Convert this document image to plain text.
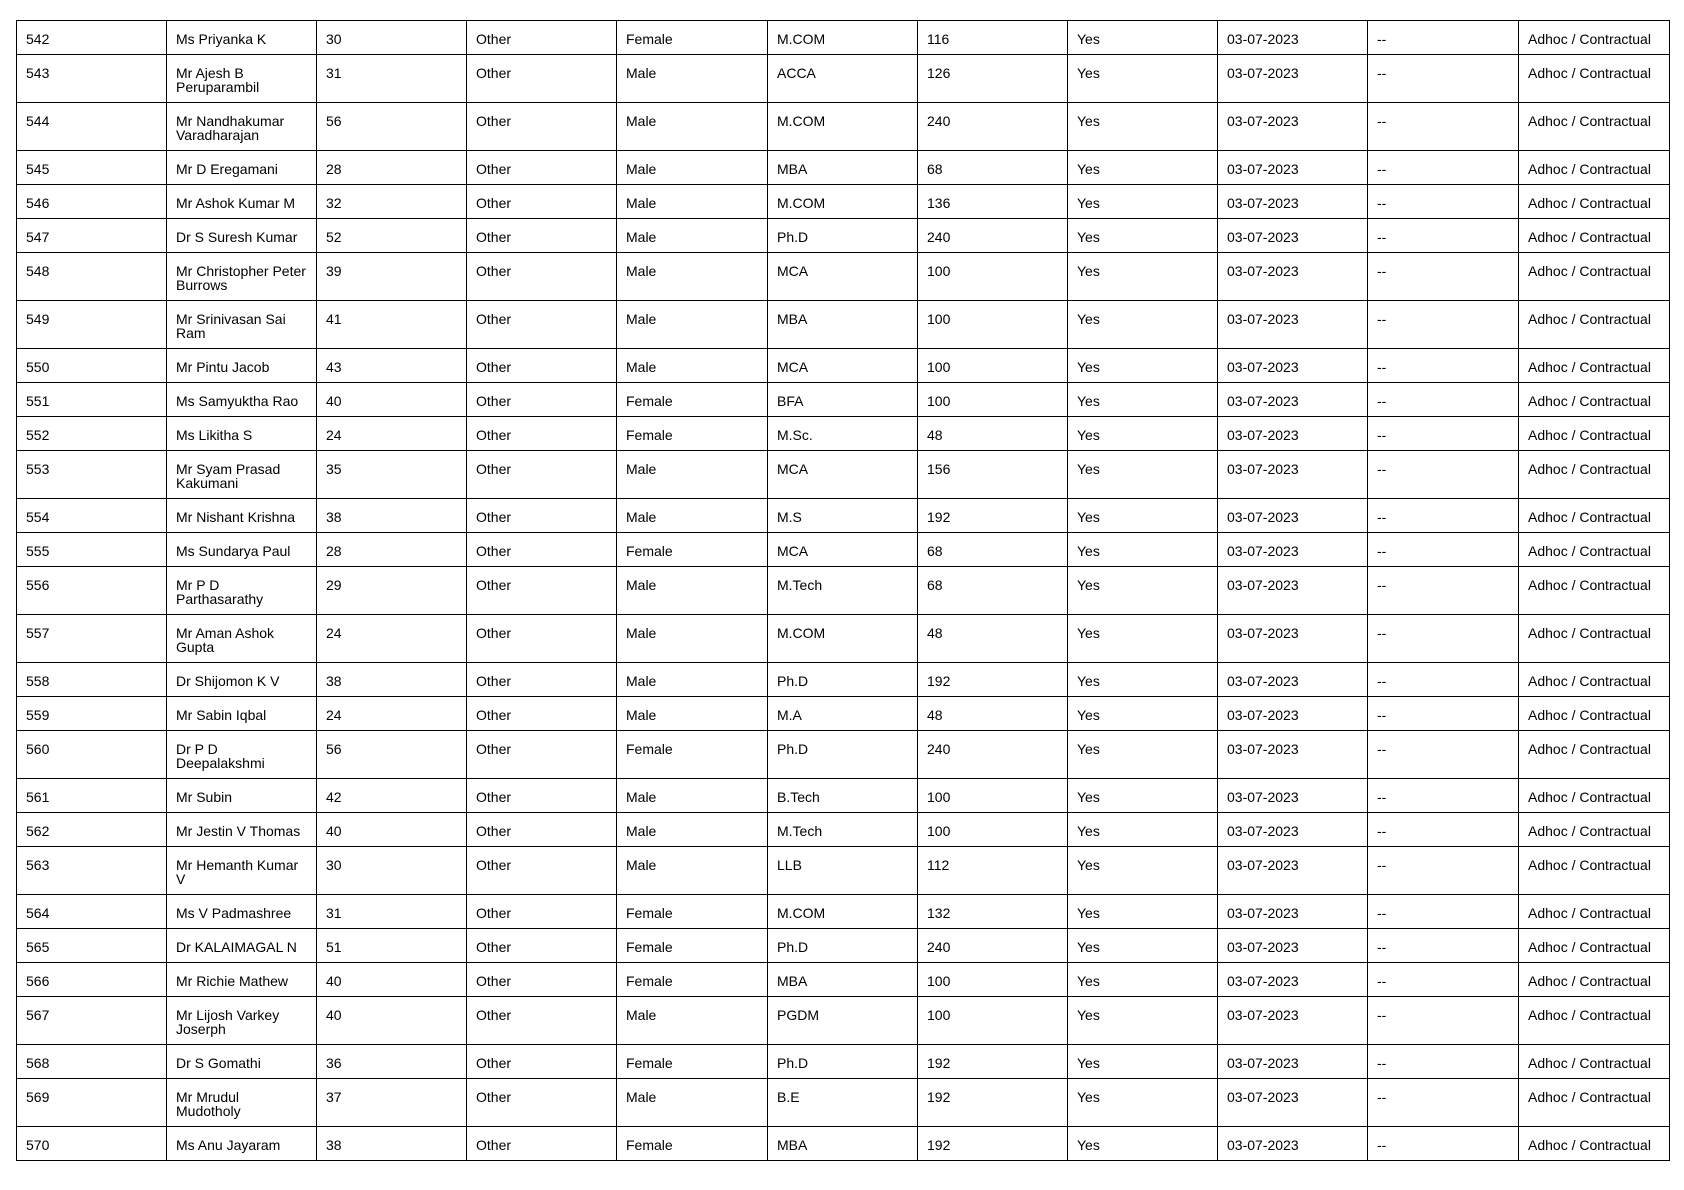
542	Ms Priyanka K	30	Other	Female	M.COM	116	Yes	03-07-2023	--	Adhoc / Contractual
543	Mr Ajesh B Peruparambil	31	Other	Male	ACCA	126	Yes	03-07-2023	--	Adhoc / Contractual
544	Mr Nandhakumar Varadharajan	56	Other	Male	M.COM	240	Yes	03-07-2023	--	Adhoc / Contractual
545	Mr D Eregamani	28	Other	Male	MBA	68	Yes	03-07-2023	--	Adhoc / Contractual
546	Mr Ashok Kumar M	32	Other	Male	M.COM	136	Yes	03-07-2023	--	Adhoc / Contractual
547	Dr S Suresh Kumar	52	Other	Male	Ph.D	240	Yes	03-07-2023	--	Adhoc / Contractual
548	Mr Christopher Peter Burrows	39	Other	Male	MCA	100	Yes	03-07-2023	--	Adhoc / Contractual
549	Mr Srinivasan Sai Ram	41	Other	Male	MBA	100	Yes	03-07-2023	--	Adhoc / Contractual
550	Mr Pintu Jacob	43	Other	Male	MCA	100	Yes	03-07-2023	--	Adhoc / Contractual
551	Ms Samyuktha Rao	40	Other	Female	BFA	100	Yes	03-07-2023	--	Adhoc / Contractual
552	Ms Likitha S	24	Other	Female	M.Sc.	48	Yes	03-07-2023	--	Adhoc / Contractual
553	Mr Syam Prasad Kakumani	35	Other	Male	MCA	156	Yes	03-07-2023	--	Adhoc / Contractual
554	Mr Nishant Krishna	38	Other	Male	M.S	192	Yes	03-07-2023	--	Adhoc / Contractual
555	Ms Sundarya Paul	28	Other	Female	MCA	68	Yes	03-07-2023	--	Adhoc / Contractual
556	Mr P D Parthasarathy	29	Other	Male	M.Tech	68	Yes	03-07-2023	--	Adhoc / Contractual
557	Mr Aman Ashok Gupta	24	Other	Male	M.COM	48	Yes	03-07-2023	--	Adhoc / Contractual
558	Dr Shijomon K V	38	Other	Male	Ph.D	192	Yes	03-07-2023	--	Adhoc / Contractual
559	Mr Sabin Iqbal	24	Other	Male	M.A	48	Yes	03-07-2023	--	Adhoc / Contractual
560	Dr P D Deepalakshmi	56	Other	Female	Ph.D	240	Yes	03-07-2023	--	Adhoc / Contractual
561	Mr Subin	42	Other	Male	B.Tech	100	Yes	03-07-2023	--	Adhoc / Contractual
562	Mr Jestin V Thomas	40	Other	Male	M.Tech	100	Yes	03-07-2023	--	Adhoc / Contractual
563	Mr Hemanth Kumar V	30	Other	Male	LLB	112	Yes	03-07-2023	--	Adhoc / Contractual
564	Ms V Padmashree	31	Other	Female	M.COM	132	Yes	03-07-2023	--	Adhoc / Contractual
565	Dr KALAIMAGAL N	51	Other	Female	Ph.D	240	Yes	03-07-2023	--	Adhoc / Contractual
566	Mr Richie Mathew	40	Other	Female	MBA	100	Yes	03-07-2023	--	Adhoc / Contractual
567	Mr Lijosh Varkey Joserph	40	Other	Male	PGDM	100	Yes	03-07-2023	--	Adhoc / Contractual
568	Dr S Gomathi	36	Other	Female	Ph.D	192	Yes	03-07-2023	--	Adhoc / Contractual
569	Mr Mrudul Mudotholy	37	Other	Male	B.E	192	Yes	03-07-2023	--	Adhoc / Contractual
570	Ms Anu Jayaram	38	Other	Female	MBA	192	Yes	03-07-2023	--	Adhoc / Contractual
